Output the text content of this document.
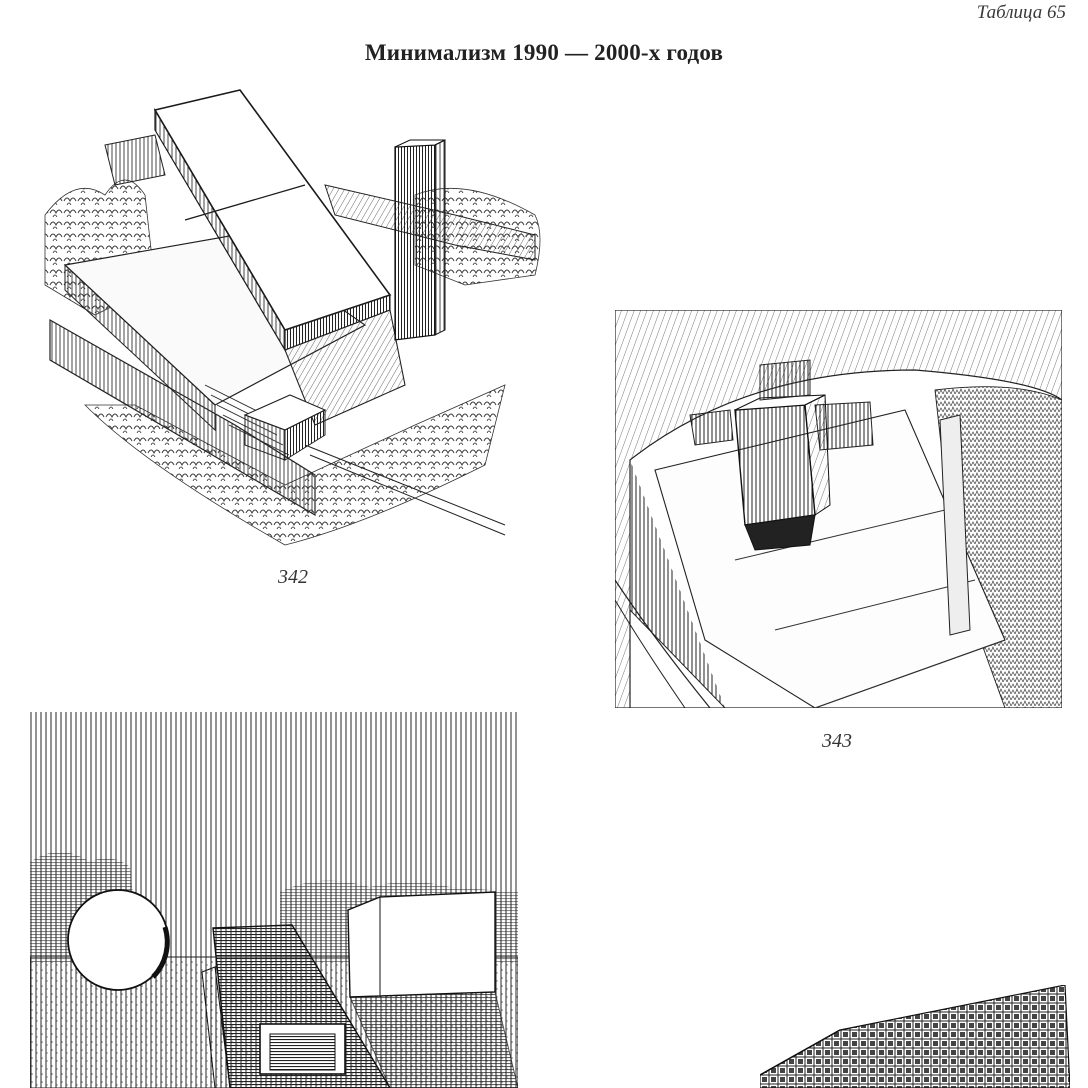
Таблица 65
Минимализм 1990 — 2000-х годов
342
343
